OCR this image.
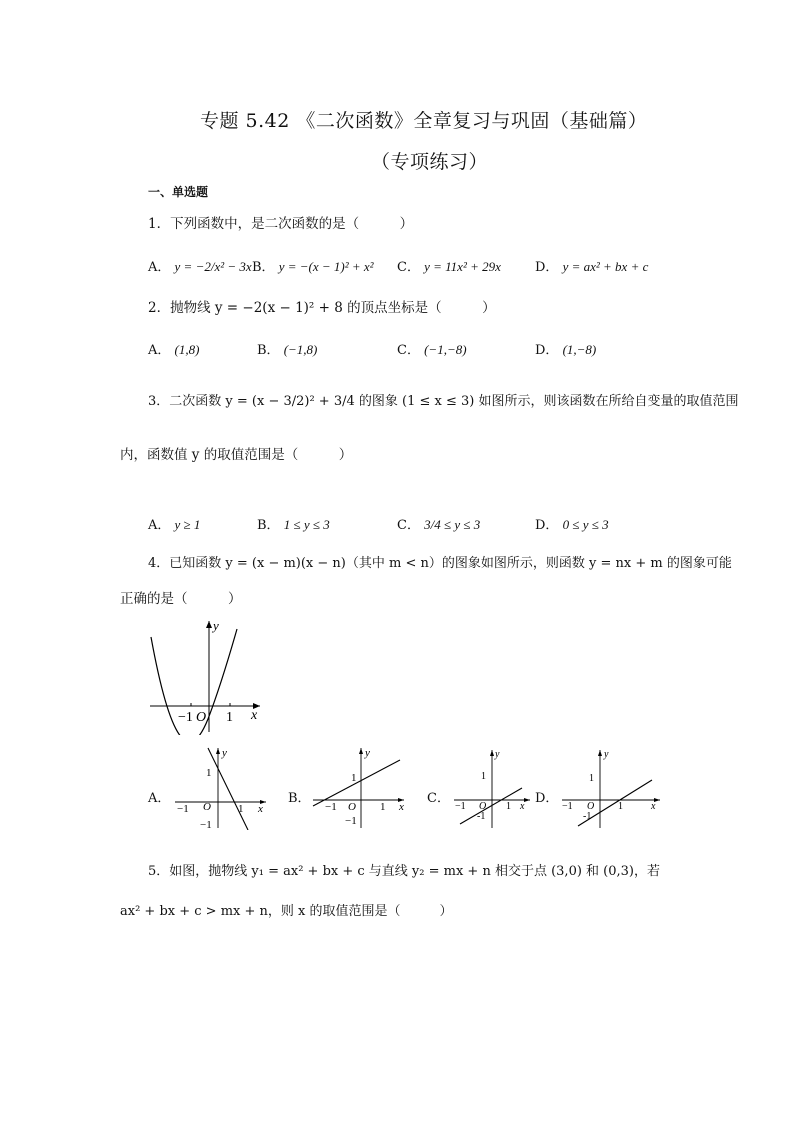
专题 5.42 《二次函数》全章复习与巩固（基础篇）
（专项练习）
一、单选题
1．下列函数中，是二次函数的是（　　　）
A． y = −2/x² − 3x B． y = −(x − 1)² + x² C． y = 11x² + 29x	D． y = ax² + bx + c
2．抛物线 y = −2(x − 1)² + 8 的顶点坐标是（　　　）
A． (1,8)	B． (−1,8)	C． (−1,−8)	D． (1,−8)
3．二次函数 y = (x − 3/2)² + 3/4 的图象 (1 ≤ x ≤ 3) 如图所示，则该函数在所给自变量的取值范围
内，函数值 y 的取值范围是（　　　）
A． y ≥ 1	B． 1 ≤ y ≤ 3	C． 3/4 ≤ y ≤ 3	D． 0 ≤ y ≤ 3
4．已知函数 y = (x − m)(x − n)（其中 m < n）的图象如图所示，则函数 y = nx + m 的图象可能
正确的是（　　　）
y
x
O
−1 1
A．
y
x
O
−1	1
1
−1
B．
y
x
O
−1	1
1
−1
C．
y
x
O
−1	1
1
-1
D．
y
x
O
−1	1
1
-1
5．如图，抛物线 y₁ = ax² + bx + c 与直线 y₂ = mx + n 相交于点 (3,0) 和 (0,3)，若
ax² + bx + c > mx + n，则 x 的取值范围是（　　　）
